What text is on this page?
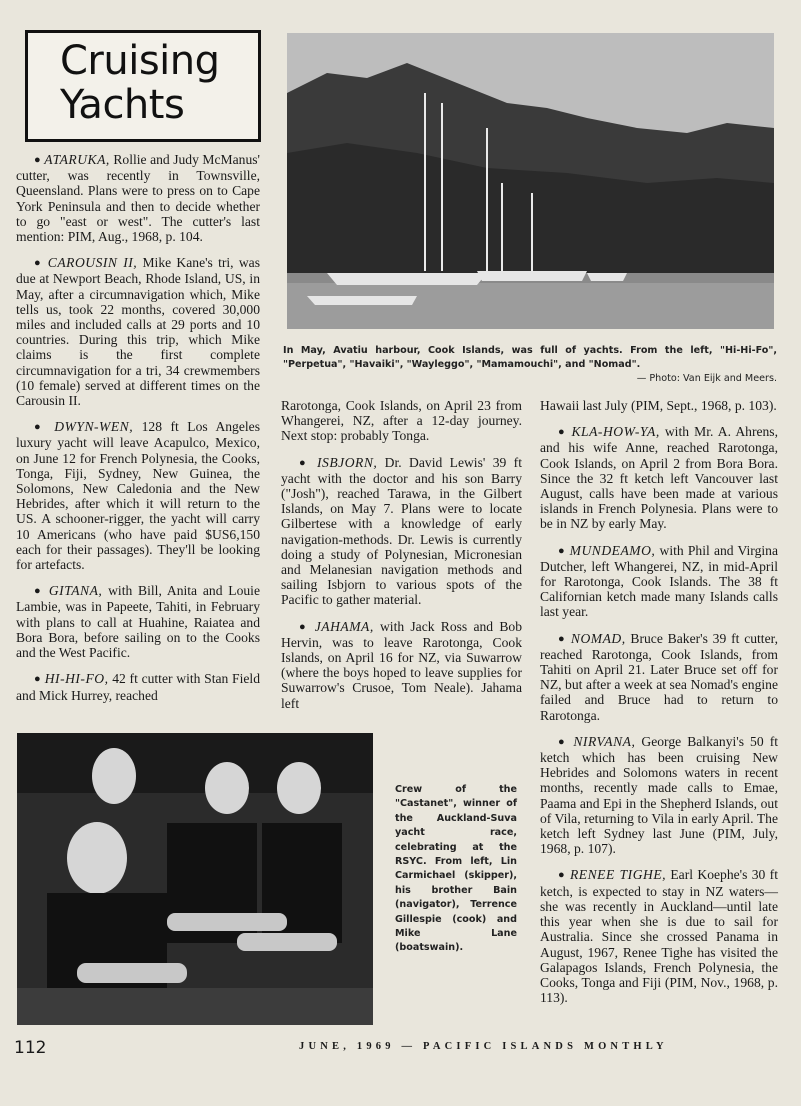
Cruising
Yachts
In May, Avatiu harbour, Cook Islands, was full of yachts. From the left, "Hi-Hi-Fo", "Perpetua", "Havaiki", "Wayleggo", "Mamamouchi", and "Nomad".
— Photo: Van Eijk and Meers.

● ATARUKA, Rollie and Judy McManus' cutter, was recently in Townsville, Queensland. Plans were to press on to Cape York Peninsula and then to decide whether to go "east or west". The cutter's last mention: PIM, Aug., 1968, p. 104.

● CAROUSIN II, Mike Kane's tri, was due at Newport Beach, Rhode Island, US, in May, after a circumnavigation which, Mike tells us, took 22 months, covered 30,000 miles and included calls at 29 ports and 10 countries. During this trip, which Mike claims is the first complete circumnavigation for a tri, 34 crewmembers (10 female) served at different times on the Carousin II.

● DWYN-WEN, 128 ft Los Angeles luxury yacht will leave Acapulco, Mexico, on June 12 for French Polynesia, the Cooks, Tonga, Fiji, Sydney, New Guinea, the Solomons, New Caledonia and the New Hebrides, after which it will return to the US. A schooner-rigger, the yacht will carry 10 Americans (who have paid $US6,150 each for their passages). They'll be looking for artefacts.

● GITANA, with Bill, Anita and Louie Lambie, was in Papeete, Tahiti, in February with plans to call at Huahine, Raiatea and Bora Bora, before sailing on to the Cooks and the West Pacific.

● HI-HI-FO, 42 ft cutter with Stan Field and Mick Hurrey, reached

Rarotonga, Cook Islands, on April 23 from Whangerei, NZ, after a 12-day journey. Next stop: probably Tonga.

● ISBJORN, Dr. David Lewis' 39 ft yacht with the doctor and his son Barry ("Josh"), reached Tarawa, in the Gilbert Islands, on May 7. Plans were to locate Gilbertese with a knowledge of early navigation-methods. Dr. Lewis is currently doing a study of Polynesian, Micronesian and Melanesian navigation methods and sailing Isbjorn to various spots of the Pacific to gather material.

● JAHAMA, with Jack Ross and Bob Hervin, was to leave Rarotonga, Cook Islands, on April 16 for NZ, via Suwarrow (where the boys hoped to leave supplies for Suwarrow's Crusoe, Tom Neale). Jahama left

Hawaii last July (PIM, Sept., 1968, p. 103).

● KLA-HOW-YA, with Mr. A. Ahrens, and his wife Anne, reached Rarotonga, Cook Islands, on April 2 from Bora Bora. Since the 32 ft ketch left Vancouver last August, calls have been made at various islands in French Polynesia. Plans were to be in NZ by early May.

● MUNDEAMO, with Phil and Virgina Dutcher, left Whangerei, NZ, in mid-April for Rarotonga, Cook Islands. The 38 ft Californian ketch made many Islands calls last year.

● NOMAD, Bruce Baker's 39 ft cutter, reached Rarotonga, Cook Islands, from Tahiti on April 21. Later Bruce set off for NZ, but after a week at sea Nomad's engine failed and Bruce had to return to Rarotonga.

● NIRVANA, George Balkanyi's 50 ft ketch which has been cruising New Hebrides and Solomons waters in recent months, recently made calls to Emae, Paama and Epi in the Shepherd Islands, out of Vila, returning to Vila in early April. The ketch left Sydney last June (PIM, July, 1968, p. 107).

● RENEE TIGHE, Earl Koephe's 30 ft ketch, is expected to stay in NZ waters—she was recently in Auckland—until late this year when she is due to sail for Australia. Since she crossed Panama in August, 1967, Renee Tighe has visited the Galapagos Islands, French Polynesia, the Cooks, Tonga and Fiji (PIM, Nov., 1968, p. 113).

Crew of the "Castanet", winner of the Auckland-Suva yacht race, celebrating at the RSYC. From left, Lin Carmichael (skipper), his brother Bain (navigator), Terrence Gillespie (cook) and Mike Lane (boatswain).
112	JUNE, 1969 — PACIFIC ISLANDS MONTHLY
